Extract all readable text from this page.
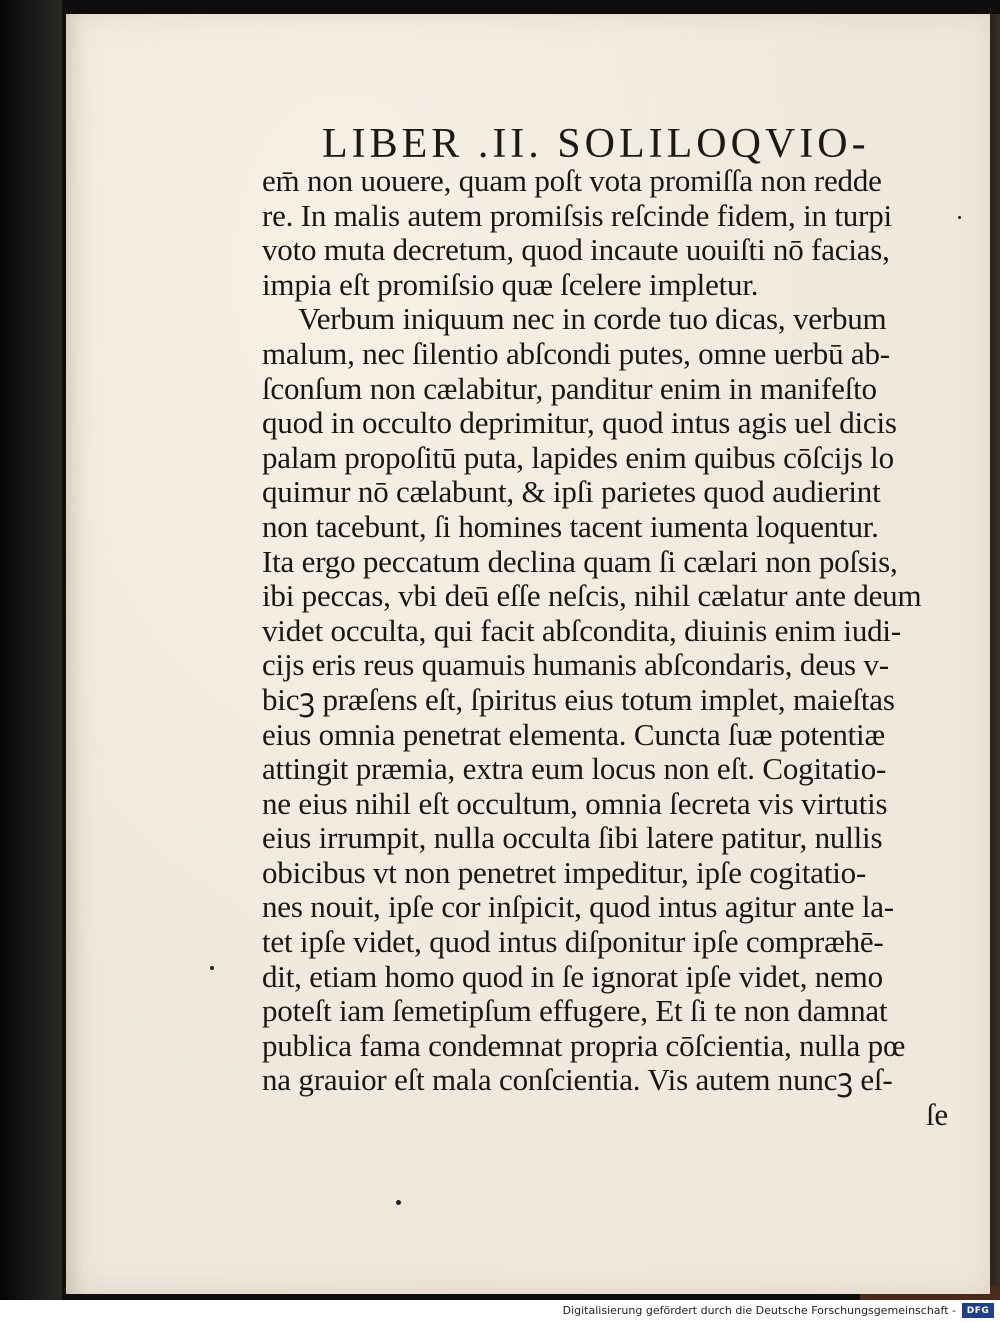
LIBER .II. SOLILOQVIO-
em̄ non uouere, quam poſt vota promiſſa non redde
re. In malis autem promiſsis reſcinde fidem, in turpi
voto muta decretum, quod incaute uouiſti nō facias,
impia eſt promiſsio quæ ſcelere impletur.
Verbum iniquum nec in corde tuo dicas, verbum
malum, nec ſilentio abſcondi putes, omne uerbū ab-
ſconſum non cælabitur, panditur enim in manifeſto
quod in occulto deprimitur, quod intus agis uel dicis
palam propoſitū puta, lapides enim quibus cōſcijs lo
quimur nō cælabunt, & ipſi parietes quod audierint
non tacebunt, ſi homines tacent iumenta loquentur.
Ita ergo peccatum declina quam ſi cælari non poſsis,
ibi peccas, vbi deū eſſe neſcis, nihil cælatur ante deum
videt occulta, qui facit abſcondita, diuinis enim iudi-
cijs eris reus quamuis humanis abſcondaris, deus v-
bicꝫ præſens eſt, ſpiritus eius totum implet, maieſtas
eius omnia penetrat elementa. Cuncta ſuæ potentiæ
attingit præmia, extra eum locus non eſt. Cogitatio-
ne eius nihil eſt occultum, omnia ſecreta vis virtutis
eius irrumpit, nulla occulta ſibi latere patitur, nullis
obicibus vt non penetret impeditur, ipſe cogitatio-
nes nouit, ipſe cor inſpicit, quod intus agitur ante la-
tet ipſe videt, quod intus diſponitur ipſe compræhē-
dit, etiam homo quod in ſe ignorat ipſe videt, nemo
poteſt iam ſemetipſum effugere, Et ſi te non damnat
publica fama condemnat propria cōſcientia, nulla pœ
na grauior eſt mala conſcientia. Vis autem nuncꝫ eſ-
ſe
Digitalisierung gefördert durch die Deutsche Forschungsgemeinschaft -	DFG
